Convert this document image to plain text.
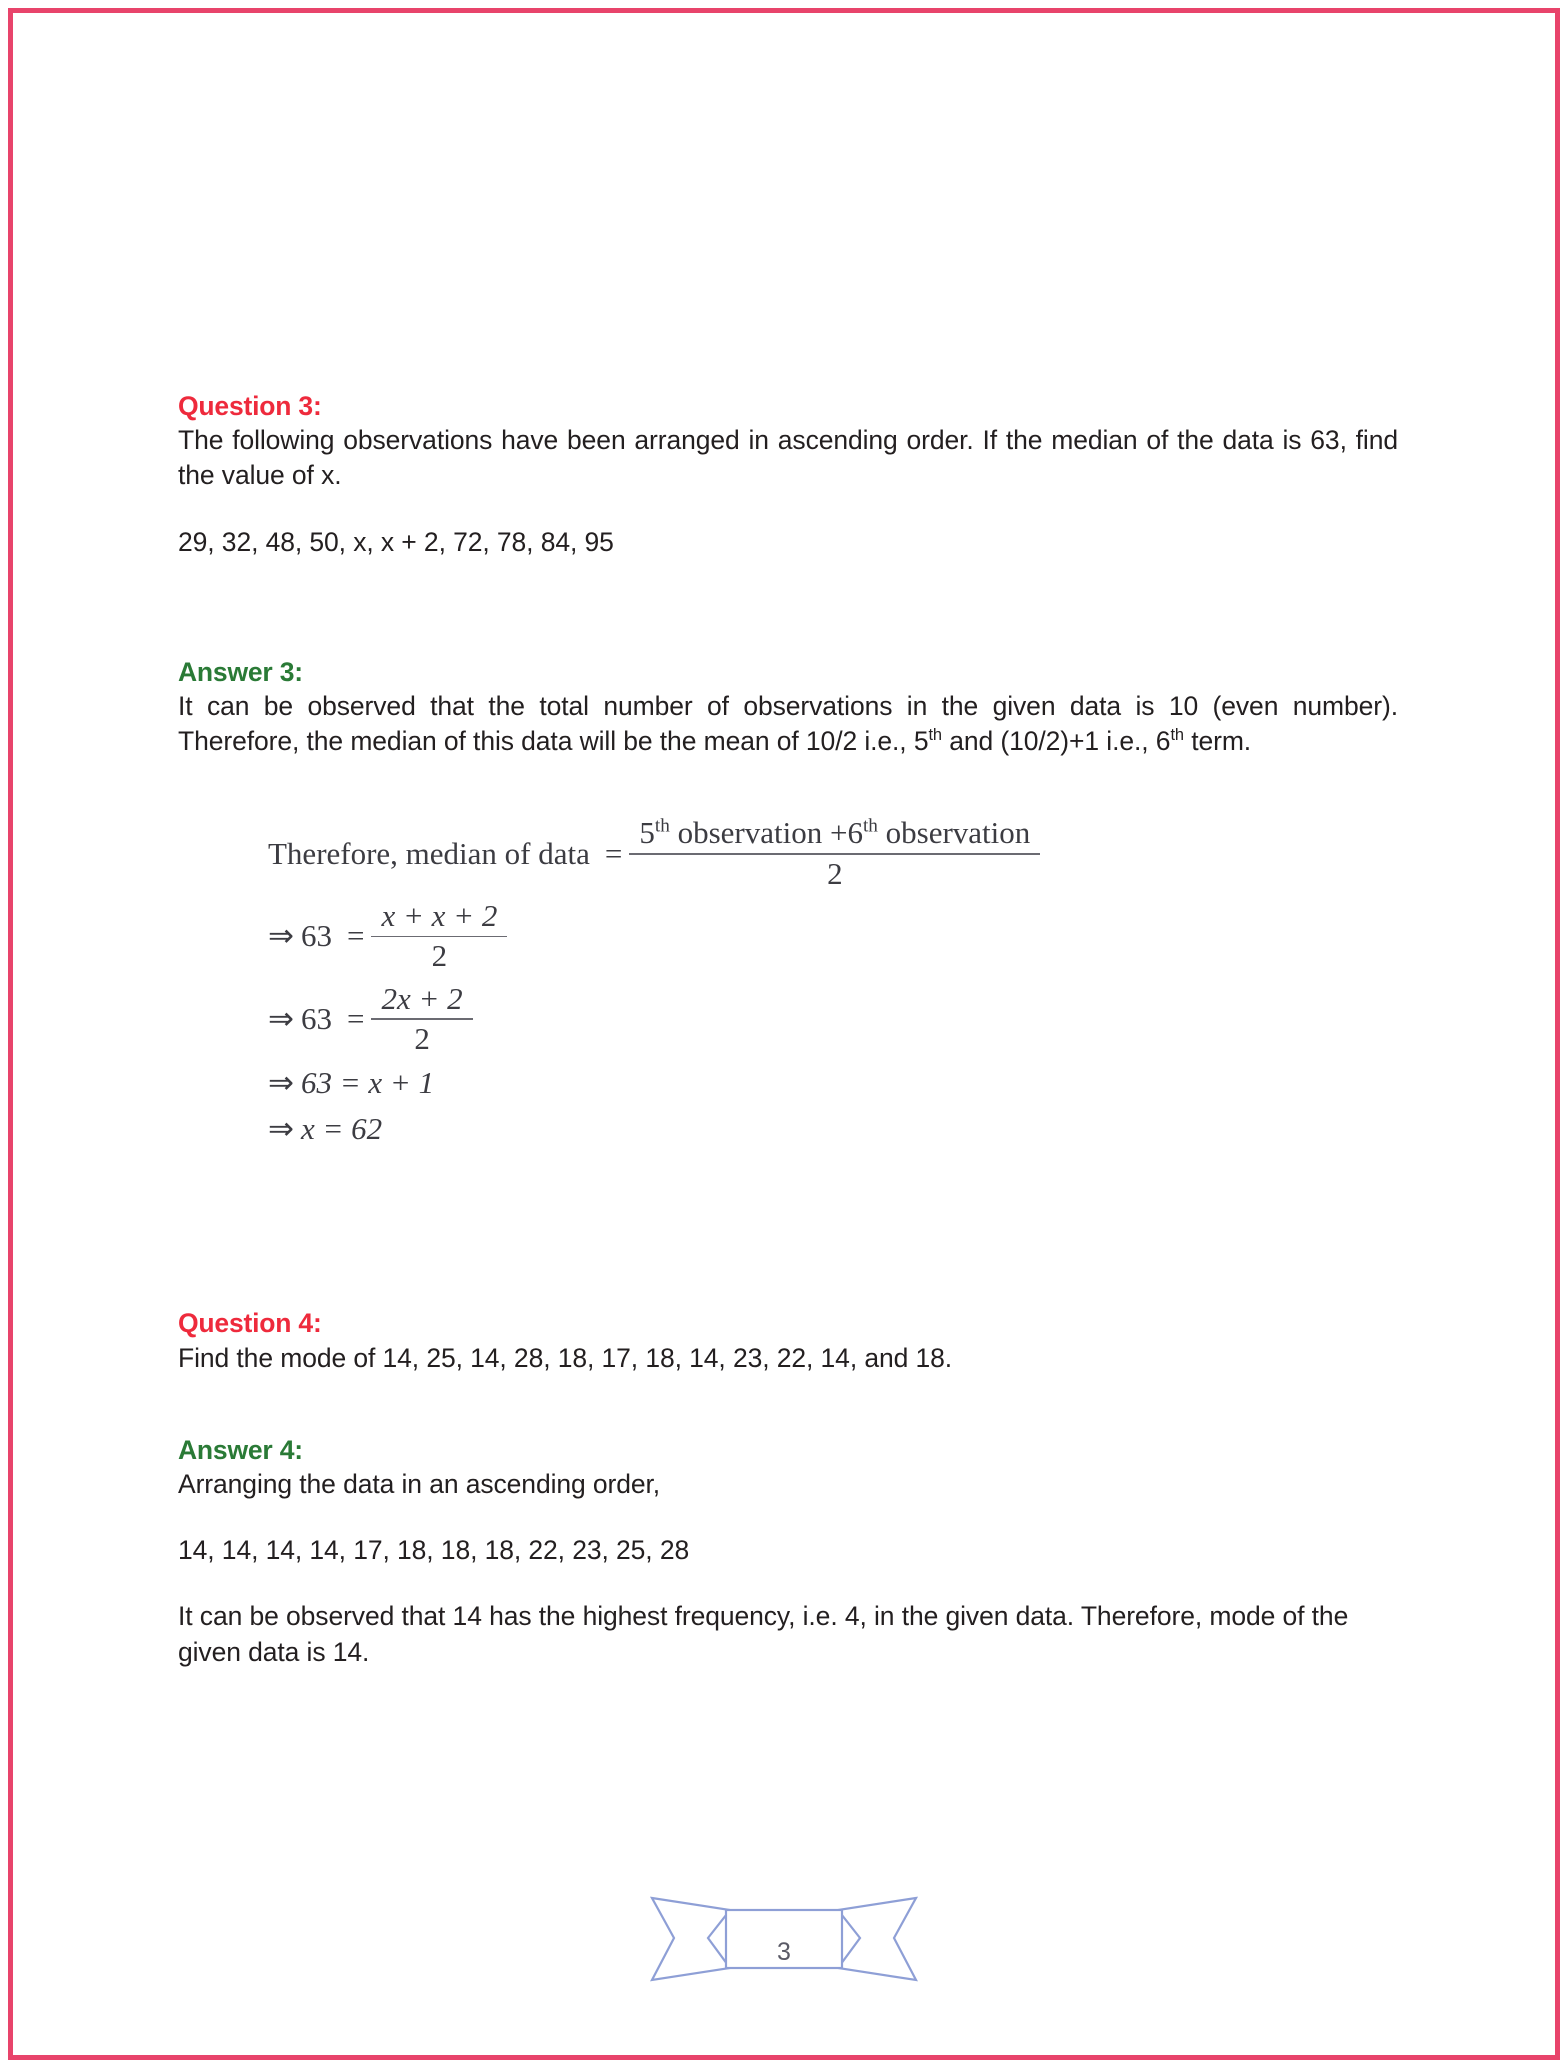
Question 3:
The following observations have been arranged in ascending order. If the median of the data is 63, find the value of x.
29, 32, 48, 50, x, x + 2, 72, 78, 84, 95
Answer 3:
It can be observed that the total number of observations in the given data is 10 (even number). Therefore, the median of this data will be the mean of 10/2 i.e., 5th and (10/2)+1 i.e., 6th term.
Therefore, median of data = $\frac{5^{th} observation +6^{th} observation}{2}$
⇒ $63 = \frac{x + x + 2}{2}$
⇒ $63 = \frac{2x + 2}{2}$
⇒ 63 = x + 1
⇒ x = 62
Question 4:
Find the mode of 14, 25, 14, 28, 18, 17, 18, 14, 23, 22, 14, and 18.
Answer 4:
Arranging the data in an ascending order,
14, 14, 14, 14, 17, 18, 18, 18, 22, 23, 25, 28
It can be observed that 14 has the highest frequency, i.e. 4, in the given data. Therefore, mode of the given data is 14.
3
